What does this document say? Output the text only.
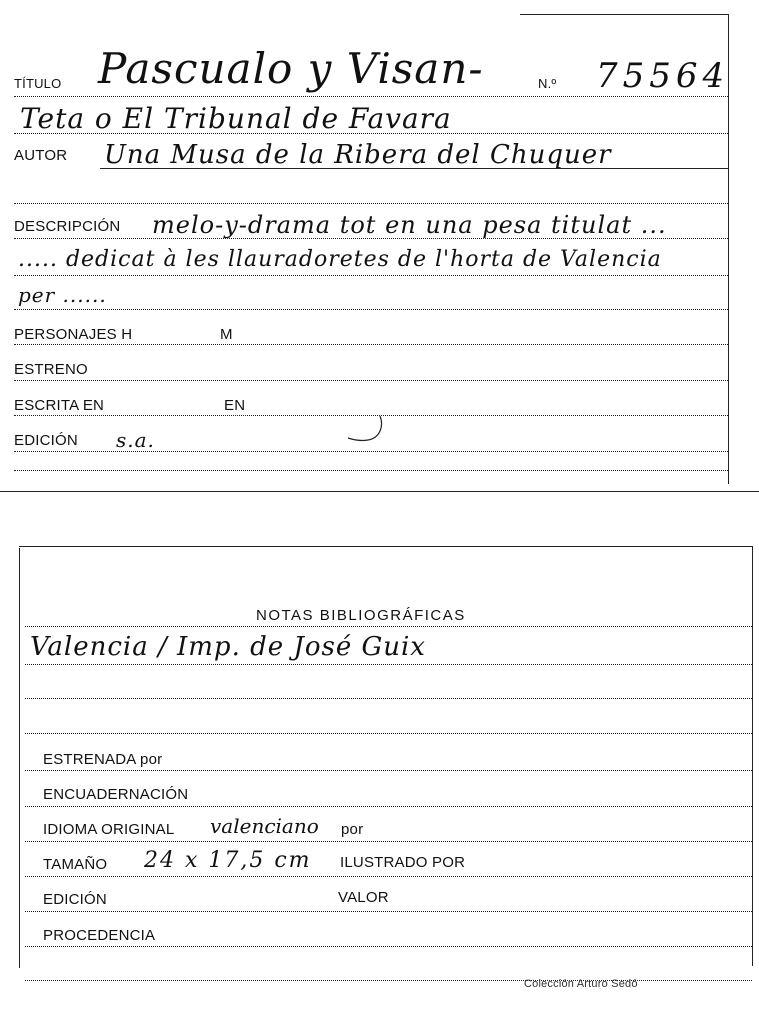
TÍTULO Pascualo y Visan-	N.º 75564
Teta o El Tribunal de Favara
AUTOR Una Musa de la Ribera del Chuquer
DESCRIPCIÓN melo-y-drama tot en una pesa titulat ...
..... dedicat à les llauradoretes de l'horta de Valencia
per ......
PERSONAJES H	M
ESTRENO
ESCRITA EN	EN
EDICIÓN s.a.
NOTAS BIBLIOGRÁFICAS
Valencia / Imp. de José Guix
ESTRENADA por
ENCUADERNACIÓN
IDIOMA ORIGINAL valenciano por
TAMAÑO 24 x 17,5 cm ILUSTRADO POR
EDICIÓN	VALOR
PROCEDENCIA
Colección Arturo Sedó
